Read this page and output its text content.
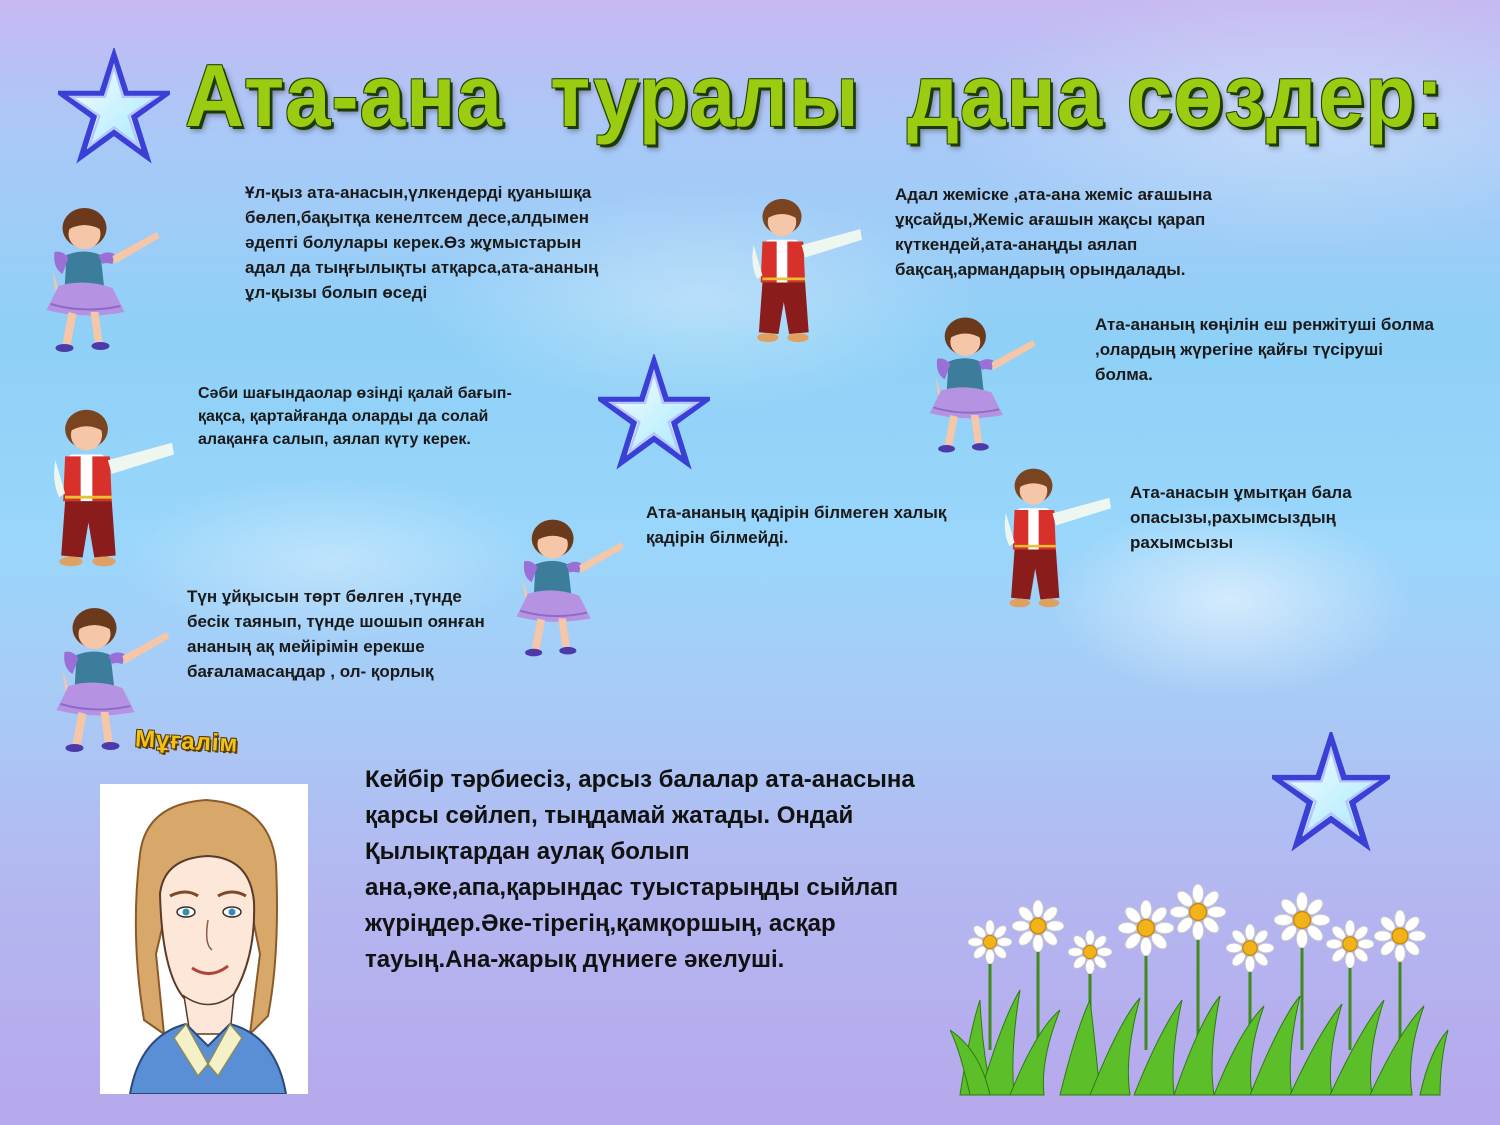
Ата-ана  туралы  дана сөздер:

Ұл-қыз ата-анасын,үлкендерді қуанышқа бөлеп,бақытқа кенелтсем десе,алдымен әдепті болулары керек.Өз жұмыстарын адал да тыңғылықты атқарса,ата-ананың ұл-қызы болып өседі

Сәби шағындаолар өзінді қалай бағып- қақса, қартайғанда оларды да солай алақанға салып, аялап күту керек.

Түн ұйқысын төрт бөлген ,түнде бесік таянып, түнде шошып оянған ананың ақ мейірімін ерекше бағаламасаңдар , ол- қорлық

Адал жеміске ,ата-ана жеміс ағашына ұқсайды,Жеміс ағашын жақсы қарап күткендей,ата-анаңды аялап бақсаң,армандарың орындалады.

Ата-ананың көңілін еш ренжітуші болма ,олардың жүрегіне қайғы түсіруші болма.

Ата-ананың қадірін білмеген халық қадірін білмейді.

Ата-анасын ұмытқан бала опасызы,рахымсыздың рахымсызы

Мұғалім

Кейбір тәрбиесіз, арсыз балалар ата-анасына қарсы сөйлеп, тыңдамай жатады. Ондай Қылықтардан аулақ болып ана,әке,апа,қарындас туыстарыңды сыйлап жүріңдер.Әке-тірегің,қамқоршың, асқар тауың.Ана-жарық дүниеге әкелуші.
